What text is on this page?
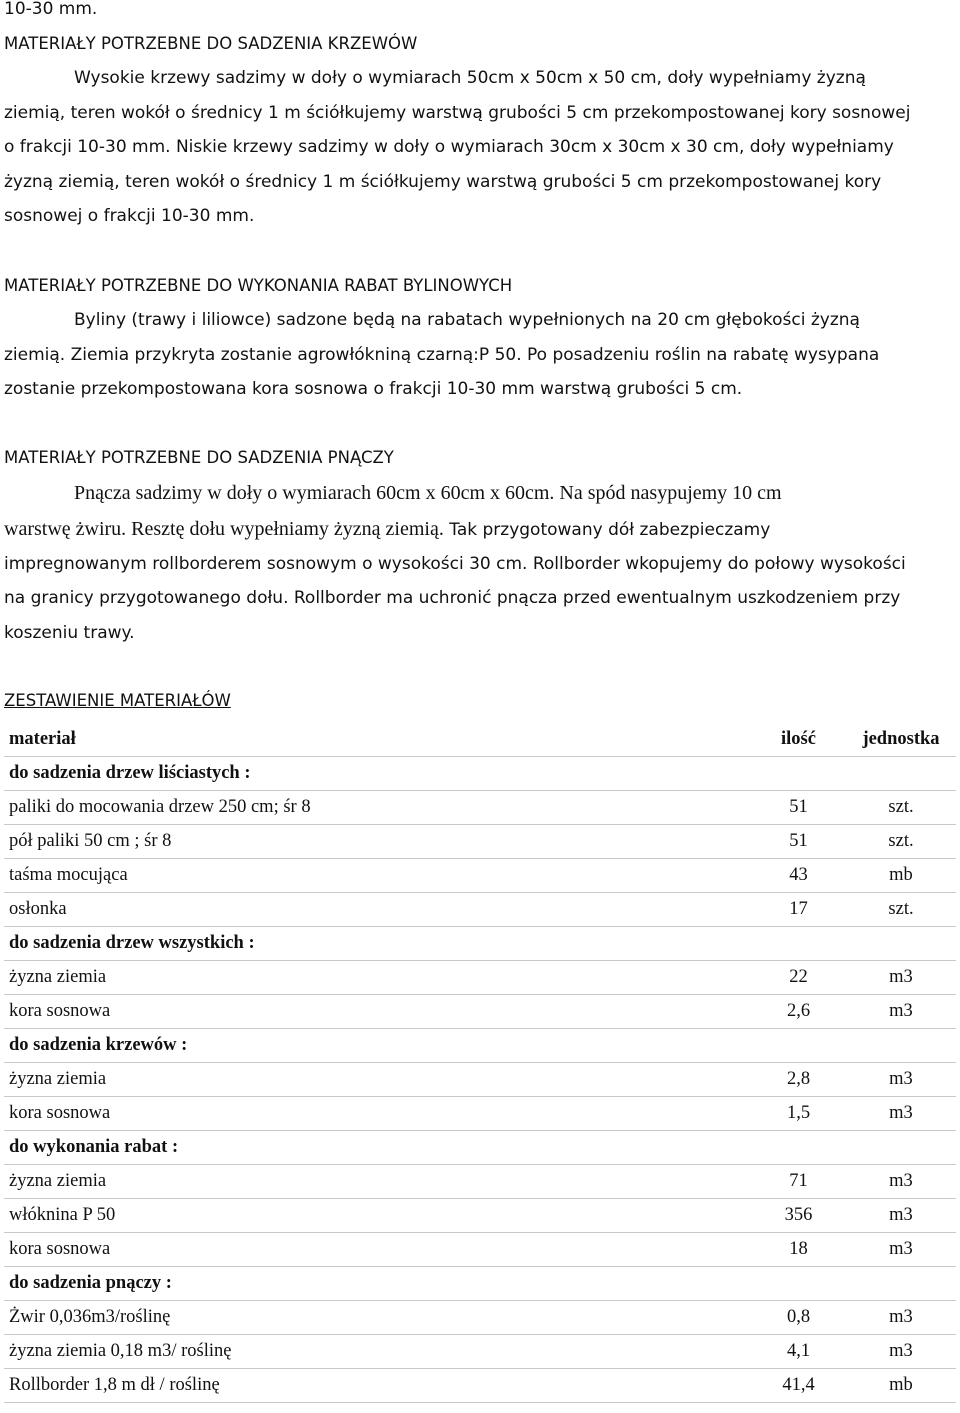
10-30 mm.
MATERIAŁY POTRZEBNE DO SADZENIA KRZEWÓW
Wysokie krzewy sadzimy w doły o wymiarach 50cm x 50cm x 50 cm, doły wypełniamy żyzną
ziemią, teren wokół o średnicy 1 m ściółkujemy warstwą grubości 5 cm przekompostowanej kory sosnowej
o frakcji 10-30 mm. Niskie krzewy sadzimy w doły o wymiarach 30cm x 30cm x 30 cm, doły wypełniamy
żyzną ziemią, teren wokół o średnicy 1 m ściółkujemy warstwą grubości 5 cm przekompostowanej kory
sosnowej o frakcji 10-30 mm.
MATERIAŁY POTRZEBNE DO WYKONANIA RABAT BYLINOWYCH
Byliny (trawy i liliowce) sadzone będą na rabatach wypełnionych na 20 cm głębokości żyzną
ziemią. Ziemia przykryta zostanie agrowłókniną czarną:P 50. Po posadzeniu roślin na rabatę wysypana
zostanie przekompostowana kora sosnowa o frakcji 10-30 mm warstwą grubości 5 cm.
MATERIAŁY POTRZEBNE DO SADZENIA PNĄCZY
Pnącza sadzimy w doły o wymiarach 60cm x 60cm x 60cm. Na spód nasypujemy 10 cm
warstwę żwiru. Resztę dołu wypełniamy żyzną ziemią. Tak przygotowany dół zabezpieczamy
impregnowanym rollborderem sosnowym o wysokości 30 cm. Rollborder wkopujemy do połowy wysokości
na granicy przygotowanego dołu. Rollborder ma uchronić pnącza przed ewentualnym uszkodzeniem przy
koszeniu trawy.
ZESTAWIENIE MATERIAŁÓW
materiał	ilość	jednostka
do sadzenia drzew liściastych :		
paliki do mocowania drzew 250 cm; śr 8	51	szt.
pół paliki 50 cm ; śr 8	51	szt.
taśma mocująca	43	mb
osłonka	17	szt.
do sadzenia drzew wszystkich :		
żyzna ziemia	22	m3
kora sosnowa	2,6	m3
do sadzenia krzewów :		
żyzna ziemia	2,8	m3
kora sosnowa	1,5	m3
do wykonania rabat :		
żyzna ziemia	71	m3
włóknina P 50	356	m3
kora sosnowa	18	m3
do sadzenia pnączy :		
Żwir 0,036m3/roślinę	0,8	m3
żyzna ziemia 0,18 m3/ roślinę	4,1	m3
Rollborder 1,8 m dł / roślinę	41,4	mb
